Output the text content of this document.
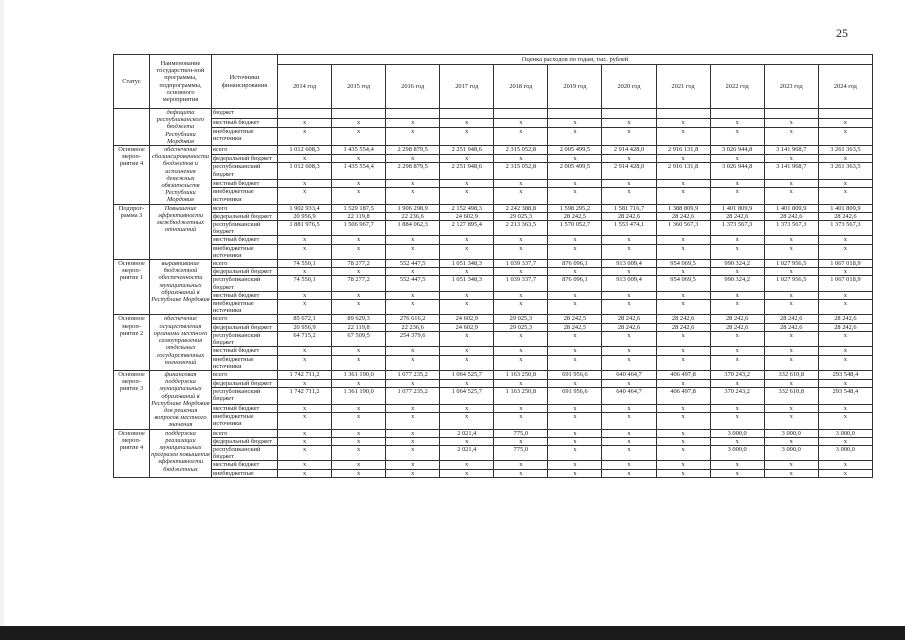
25
Статус	Наименование государствен-ной программы, подпрограммы, основного мероприятия	Источники финансирования	Оценка расходов по годам, тыс. рублей										
			2014 год	2015 год	2016 год	2017 год	2018 год	2019 год	2020 год	2021 год	2022 год	2023 год	2024 год
	дефицита республиканского бюджета Республики Мордовия	бюджет											
		местный бюджет	х	х	х	х	х	х	х	х	х	х	х
		внебюджетные источники	х	х	х	х	х	х	х	х	х	х	х
Основное мероп-риятие 4	обеспечение сбалансированности бюджетов и исполнения денежных обязательств Республики Мордовия	всего	1 012 608,3	1 435 554,4	2 298 879,5	2 251 948,6	2 315 052,8	2 005 499,5	2 914 428,0	2 916 131,8	3 026 944,8	3 141 968,7	3 261 363,5
		федеральный бюджет	х	х	х	х	х	х	х	х	х	х	х
		республиканский бюджет	1 012 608,3	1 435 554,4	2 298 879,5	2 251 948,6	2 315 052,8	2 005 499,5	2 914 428,0	2 916 131,8	3 026 944,8	3 141 968,7	3 261 363,5
		местный бюджет	х	х	х	х	х	х	х	х	х	х	х
		внебюджетные источники	х	х	х	х	х	х	х	х	х	х	х
Подпрог-рамма 3	Повышение эффективности межбюджетных отношений	всего	1 902 933,4	1 529 187,5	1 906 298,9	2 152 498,3	2 242 388,8	1 598 295,2	1 581 716,7	1 388 809,9	1 401 809,9	1 401 809,9	1 401 809,9
		федеральный бюджет	20 956,9	22 119,8	22 236,6	24 602,9	29 025,3	28 242,5	28 242,6	28 242,6	28 242,6	28 242,6	28 242,6
		республиканский бюджет	1 881 976,5	1 506 967,7	1 884 062,3	2 127 895,4	2 213 363,5	1 570 052,7	1 553 474,1	1 360 567,3	1 373 567,3	1 373 567,3	1 373 567,3
		местный бюджет	х	х	х	х	х	х	х	х	х	х	х
		внебюджетные источники	х	х	х	х	х	х	х	х	х	х	х
Основное мероп-риятие 1	выравнивание бюджетной обеспеченности муниципальных образований в Республике Мордовия	всего	74 550,1	78 277,2	552 447,5	1 051 348,3	1 039 337,7	876 096,1	913 009,4	954 069,5	990 324,2	1 027 956,5	1 067 018,9
		федеральный бюджет	х	х	х	х	х	х	х	х	х	х	х
		республиканский бюджет	74 550,1	78 277,2	552 447,5	1 051 348,3	1 039 337,7	876 096,1	913 009,4	954 069,5	990 324,2	1 027 956,5	1 067 018,9
		местный бюджет	х	х	х	х	х	х	х	х	х	х	х
		внебюджетные источники	х	х	х	х	х	х	х	х	х	х	х
Основное мероп-риятие 2	обеспечение осуществления органами местного самоуправления отдельных государственных полномочий	всего	85 672,1	89 629,3	276 616,2	24 602,9	29 025,3	28 242,5	28 242,6	28 242,6	28 242,6	28 242,6	28 242,6
		федеральный бюджет	20 956,9	22 119,8	22 236,6	24 602,9	29 025,3	28 242,5	28 242,6	28 242,6	28 242,6	28 242,6	28 242,6
		республиканский бюджет	64 715,2	67 509,5	254 379,6	х	х	х	х	х	х	х	х
		местный бюджет	х	х	х	х	х	х	х	х	х	х	х
		внебюджетные источники	х	х	х	х	х	х	х	х	х	х	х
Основное мероп-риятие 3	финансовая поддержка муниципальных образований в Республике Мордовия для решения вопросов местного значения	всего	1 742 711,2	1 361 190,0	1 077 235,2	1 064 525,7	1 163 250,8	691 956,6	640 464,7	406 497,8	370 243,2	332 610,8	293 548,4
		федеральный бюджет	х	х	х	х	х	х	х	х	х	х	х
		республиканский бюджет	1 742 711,2	1 361 190,0	1 077 235,2	1 064 525,7	1 163 250,8	691 956,6	640 464,7	406 497,8	370 243,2	332 610,8	293 548,4
		местный бюджет	х	х	х	х	х	х	х	х	х	х	х
		внебюджетные источники	х	х	х	х	х	х	х	х	х	х	х
Основное мероп-риятие 4	поддержка реализации муниципальных программ повышения эффективности бюджетных	всего	х	х	х	2 021,4	775,0	х	х	х	3 000,0	3 000,0	3 000,0
		федеральный бюджет	х	х	х	х	х	х	х	х	х	х	х
		республиканский бюджет	х	х	х	2 021,4	775,0	х	х	х	3 000,0	3 000,0	3 000,0
		местный бюджет	х	х	х	х	х	х	х	х	х	х	х
		внебюджетные	х	х	х	х	х	х	х	х	х	х	х
